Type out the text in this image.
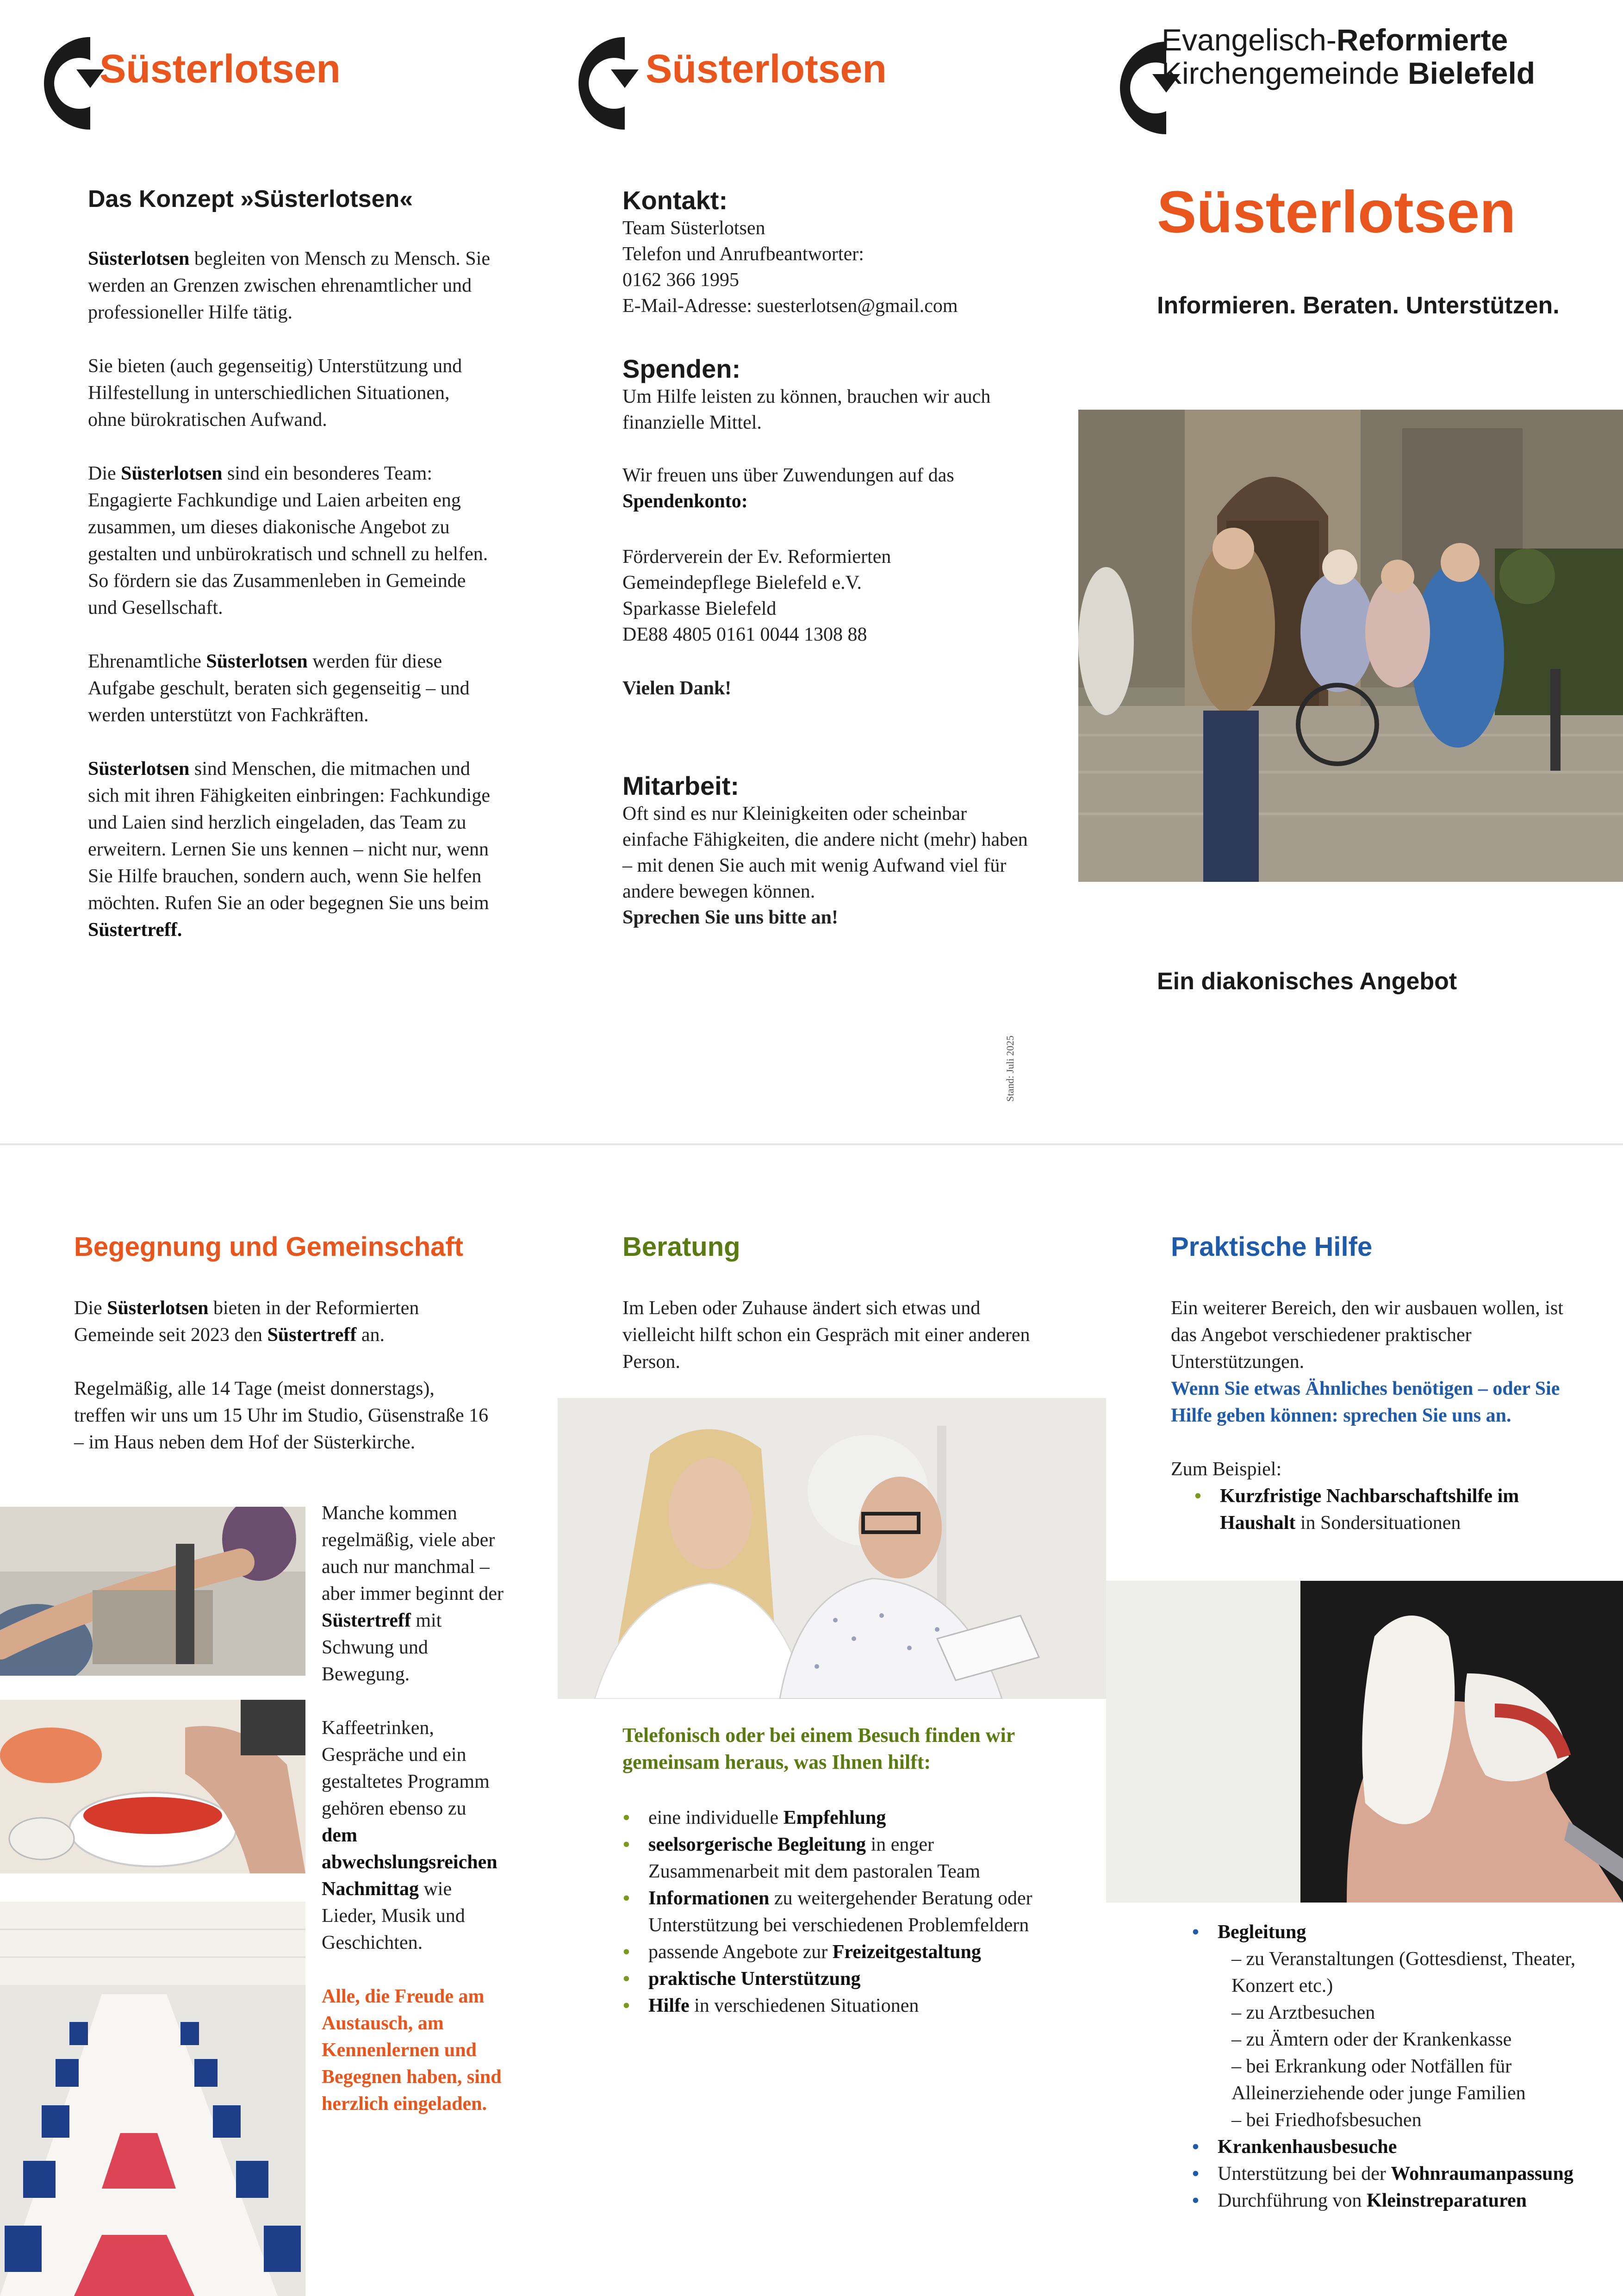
Süsterlotsen	Süsterlotsen
Evangelisch-Reformierte
Kirchengemeinde Bielefeld
Das Konzept »Süsterlotsen«

Süsterlotsen begleiten von Mensch zu Mensch. Sie werden an Grenzen zwischen ehrenamtlicher und professioneller Hilfe tätig.

Sie bieten (auch gegenseitig) Unterstützung und Hilfestellung in unterschiedlichen Situationen, ohne bürokratischen Aufwand.

Die Süsterlotsen sind ein besonderes Team: Engagierte Fachkundige und Laien arbeiten eng zusammen, um dieses diakonische Angebot zu gestalten und unbürokratisch und schnell zu helfen. So fördern sie das Zusammenleben in Gemeinde und Gesellschaft.

Ehrenamtliche Süsterlotsen werden für diese Aufgabe geschult, beraten sich gegenseitig – und werden unterstützt von Fachkräften.

Süsterlotsen sind Menschen, die mitmachen und sich mit ihren Fähigkeiten einbringen: Fachkundige und Laien sind herzlich eingeladen, das Team zu erweitern. Lernen Sie uns kennen – nicht nur, wenn Sie Hilfe brauchen, sondern auch, wenn Sie helfen möchten. Rufen Sie an oder begegnen Sie uns beim Süstertreff.

Kontakt:
Team Süsterlotsen
Telefon und Anrufbeantworter:
0162 366 1995
E-Mail-Adresse: suesterlotsen@gmail.com
Spenden:
Um Hilfe leisten zu können, brauchen wir auch finanzielle Mittel.
Wir freuen uns über Zuwendungen auf das
Spendenkonto:
Förderverein der Ev. Reformierten
Gemeindepflege Bielefeld e.V.
Sparkasse Bielefeld
DE88 4805 0161 0044 1308 88
Vielen Dank!
Mitarbeit:
Oft sind es nur Kleinigkeiten oder scheinbar einfache Fähigkeiten, die andere nicht (mehr) haben – mit denen Sie auch mit wenig Aufwand viel für andere bewegen können.
Sprechen Sie uns bitte an!
Stand: Juli 2025
Süsterlotsen
Informieren. Beraten. Unterstützen.
Ein diakonisches Angebot
Begegnung und Gemeinschaft

Die Süsterlotsen bieten in der Reformierten Gemeinde seit 2023 den Süstertreff an.

Regelmäßig, alle 14 Tage (meist donnerstags), treffen wir uns um 15 Uhr im Studio, Güsenstraße 16 – im Haus neben dem Hof der Süsterkirche.

Manche kommen regelmäßig, viele aber auch nur manchmal – aber immer beginnt der Süstertreff mit Schwung und Bewegung.

Kaffeetrinken, Gespräche und ein gestaltetes Programm gehören ebenso zu dem abwechslungsreichen Nachmittag wie Lieder, Musik und Geschichten.

Alle, die Freude am Austausch, am Kennenlernen und Begegnen haben, sind herzlich eingeladen.

Beratung
Im Leben oder Zuhause ändert sich etwas und vielleicht hilft schon ein Gespräch mit einer anderen Person.
Telefonisch oder bei einem Besuch finden wir gemeinsam heraus, was Ihnen hilft:
• eine individuelle Empfehlung
• seelsorgerische Begleitung in enger Zusammenarbeit mit dem pastoralen Team
• Informationen zu weitergehender Beratung oder Unterstützung bei verschiedenen Problemfeldern
• passende Angebote zur Freizeitgestaltung
• praktische Unterstützung
• Hilfe in verschiedenen Situationen
Praktische Hilfe
Ein weiterer Bereich, den wir ausbauen wollen, ist das Angebot verschiedener praktischer Unterstützungen.
Wenn Sie etwas Ähnliches benötigen – oder Sie Hilfe geben können: sprechen Sie uns an.
Zum Beispiel:
• Kurzfristige Nachbarschaftshilfe im Haushalt in Sondersituationen
• Begleitung
– zu Veranstaltungen (Gottesdienst, Theater, Konzert etc.)
– zu Arztbesuchen
– zu Ämtern oder der Krankenkasse
– bei Erkrankung oder Notfällen für Alleinerziehende oder junge Familien
– bei Friedhofsbesuchen
• Krankenhausbesuche
• Unterstützung bei der Wohnraumanpassung
• Durchführung von Kleinstreparaturen
